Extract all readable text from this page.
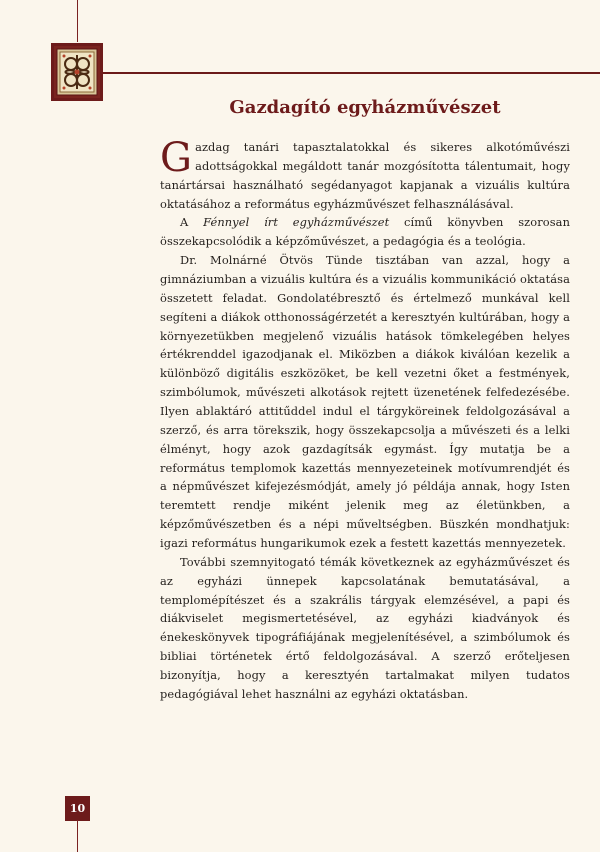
Gazdagító egyházművészet

Gazdag tanári tapasztalatokkal és sikeres alkotóművészi adottságokkal megáldott tanár mozgósította tálentumait, hogy tanártársai használható segédanyagot kapjanak a vizuális kultúra oktatásához a református egyházművészet felhasználásával.

A Fénnyel írt egyházművészet című könyvben szorosan összekapcsolódik a képzőművészet, a pedagógia és a teológia.

Dr. Molnárné Ötvös Tünde tisztában van azzal, hogy a gimnáziumban a vizuális kultúra és a vizuális kommunikáció oktatása összetett feladat. Gondolatébresztő és értelmező munkával kell segíteni a diákok otthonosságérzetét a keresztyén kultúrában, hogy a környezetükben megjelenő vizuális hatások tömkelegében helyes értékrenddel igazodjanak el. Miközben a diákok kiválóan kezelik a különböző digitális eszközöket, be kell vezetni őket a festmények, szimbólumok, művészeti alkotások rejtett üzenetének felfedezésébe. Ilyen ablaktáró attitűddel indul el tárgyköreinek feldolgozásával a szerző, és arra törekszik, hogy összekapcsolja a művészeti és a lelki élményt, hogy azok gazdagítsák egymást. Így mutatja be a református templomok kazettás mennyezeteinek motívumrendjét és a népművészet kifejezésmódját, amely jó példája annak, hogy Isten teremtett rendje miként jelenik meg az életünkben, a képzőművészetben és a népi műveltségben. Büszkén mondhatjuk: igazi református hungarikumok ezek a festett kazettás mennyezetek.

További szemnyitogató témák következnek az egyházművészet és az egyházi ünnepek kapcsolatának bemutatásával, a templomépítészet és a szakrális tárgyak elemzésével, a papi és diákviselet megismertetésével, az egyházi kiadványok és énekeskönyvek tipográfiájának megjelenítésével, a szimbólumok és bibliai történetek értő feldolgozásával. A szerző erőteljesen bizonyítja, hogy a keresztyén tartalmakat milyen tudatos pedagógiával lehet használni az egyházi oktatásban.

10
